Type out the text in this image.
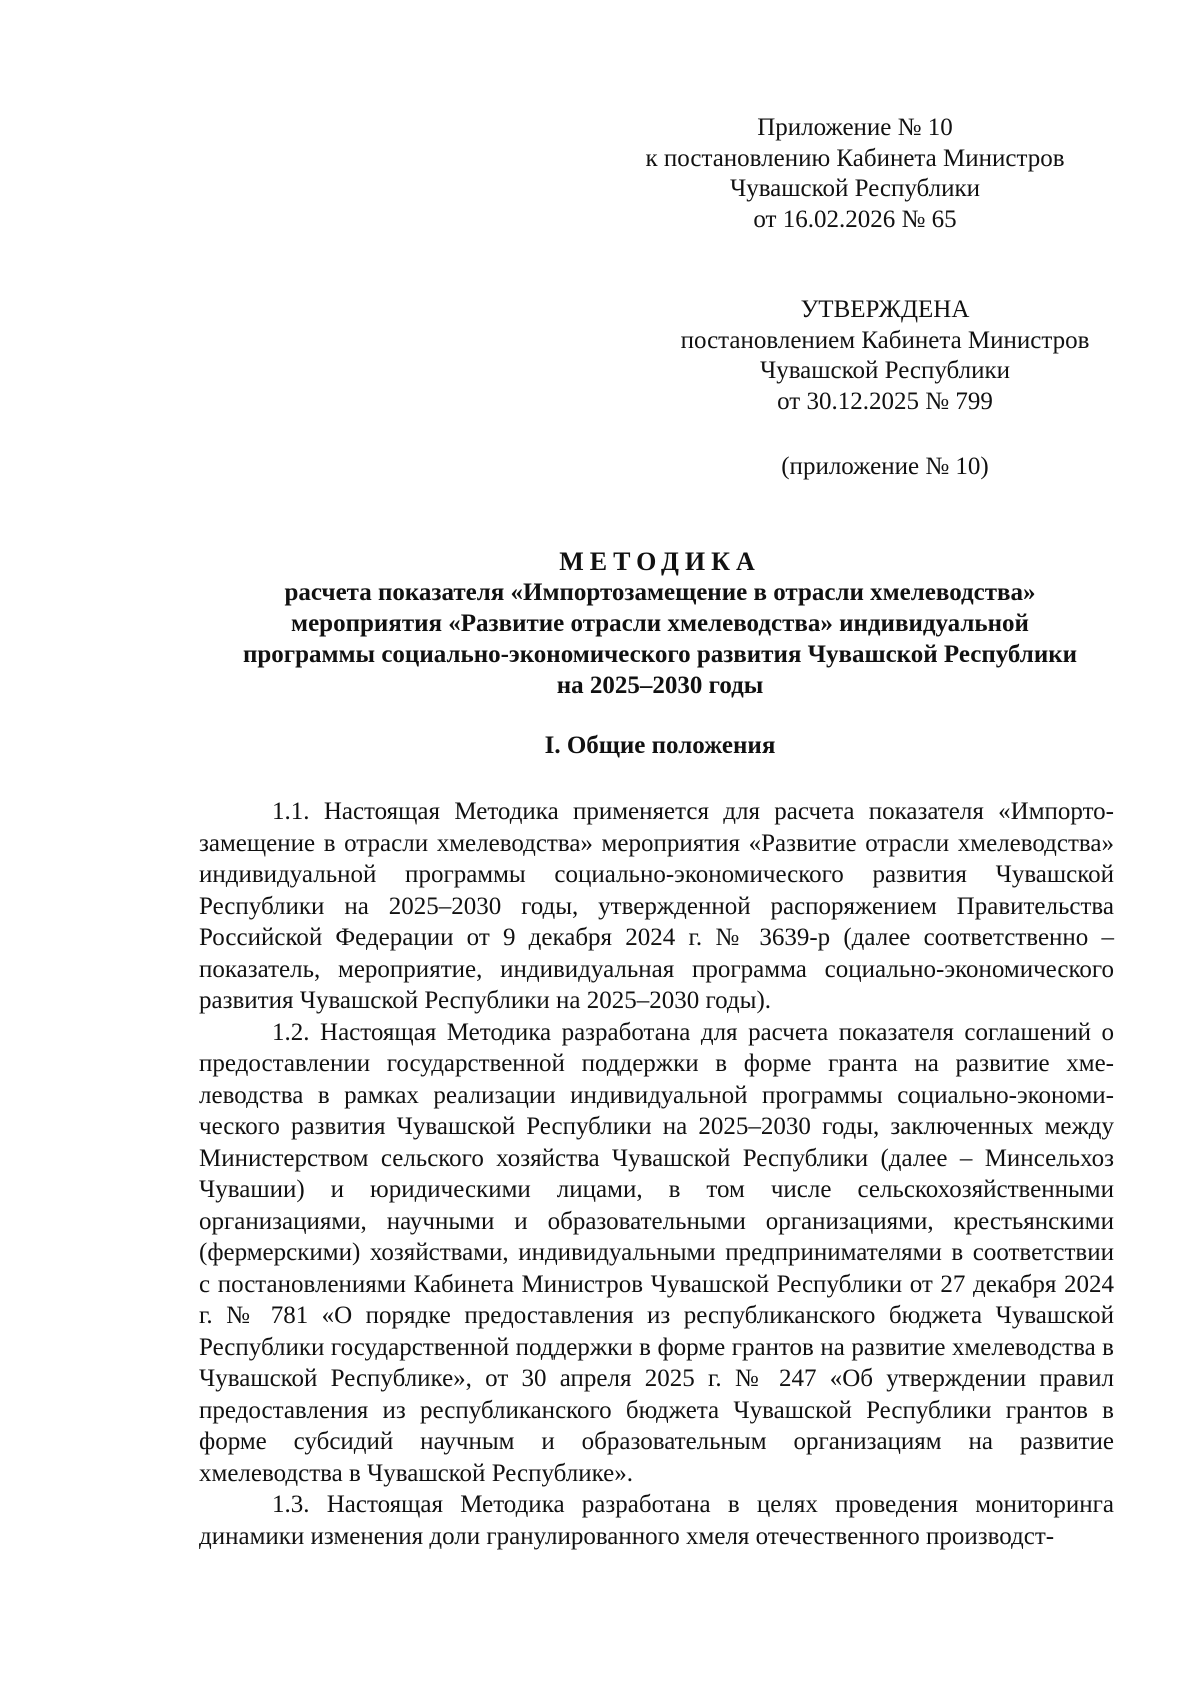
Приложение № 10
к постановлению Кабинета Министров
Чувашской Республики
от 16.02.2026 № 65
УТВЕРЖДЕНА
постановлением Кабинета Министров
Чувашской Республики
от 30.12.2025 № 799
(приложение № 10)
МЕТОДИКА
расчета показателя «Импортозамещение в отрасли хмелеводства»
мероприятия «Развитие отрасли хмелеводства» индивидуальной
программы социально-экономического развития Чувашской Республики
на 2025–2030 годы
I. Общие положения

1.1. Настоящая Методика применяется для расчета показателя «Импортозамещение в отрасли хмелеводства» мероприятия «Развитие отрасли хмелеводства» индивидуальной программы социально-экономического развития Чувашской Республики на 2025–2030 годы, утвержденной распоряжением Правительства Российской Федерации от 9 декабря 2024 г. № 3639-р (далее соответственно – показатель, мероприятие, индивидуальная программа социально-экономического развития Чувашской Республики на 2025–2030 годы).

1.2. Настоящая Методика разработана для расчета показателя соглашений о предоставлении государственной поддержки в форме гранта на развитие хмелеводства в рамках реализации индивидуальной программы социально-экономического развития Чувашской Республики на 2025–2030 годы, заключенных между Министерством сельского хозяйства Чувашской Республики (далее – Минсельхоз Чувашии) и юридическими лицами, в том числе сельскохозяйственными организациями, научными и образовательными организациями, крестьянскими (фермерскими) хозяйствами, индивидуальными предпринимателями в соответствии с постановлениями Кабинета Министров Чувашской Республики от 27 декабря 2024 г. № 781 «О порядке предоставления из республиканского бюджета Чувашской Республики государственной поддержки в форме грантов на развитие хмелеводства в Чувашской Республике», от 30 апреля 2025 г. № 247 «Об утверждении правил предоставления из республиканского бюджета Чувашской Республики грантов в форме субсидий научным и образовательным организациям на развитие хмелеводства в Чувашской Республике».

1.3. Настоящая Методика разработана в целях проведения мониторинга динамики изменения доли гранулированного хмеля отечественного производст-
